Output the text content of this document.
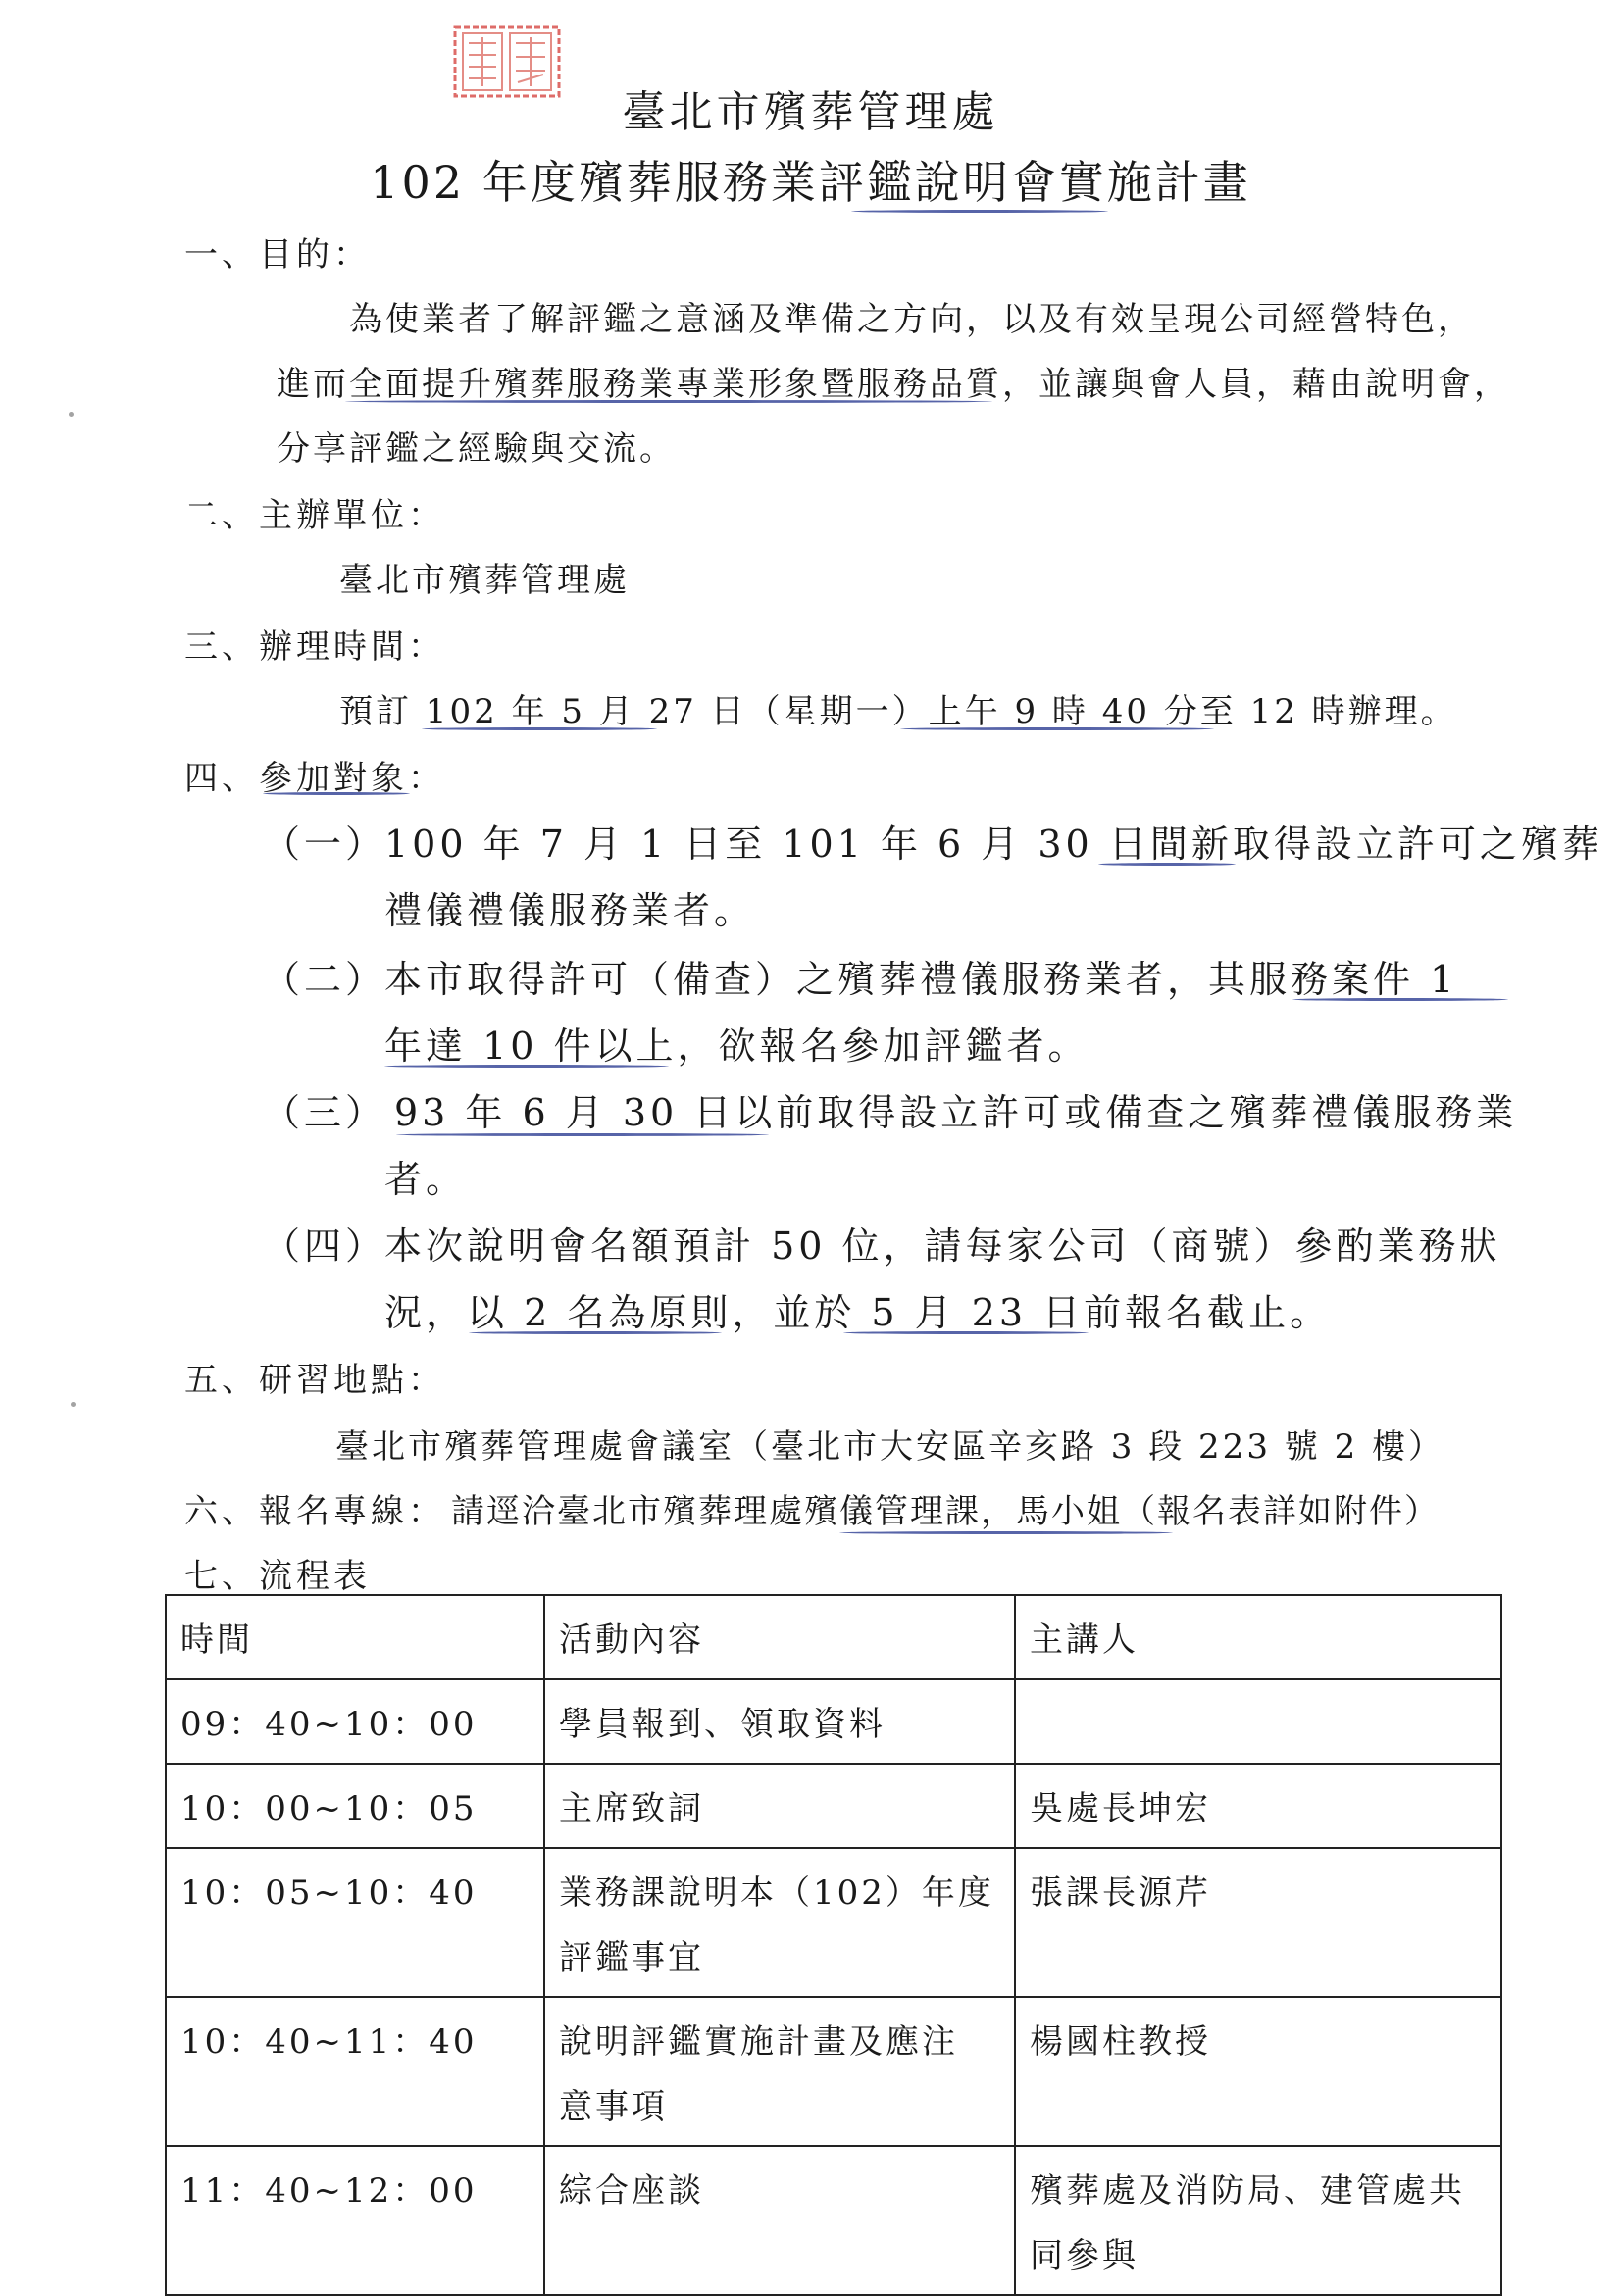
臺北市殯葬管理處
102 年度殯葬服務業評鑑說明會實施計畫
一、目的：
為使業者了解評鑑之意涵及準備之方向，以及有效呈現公司經營特色，
進而全面提升殯葬服務業專業形象暨服務品質，並讓與會人員，藉由說明會，
分享評鑑之經驗與交流。
二、主辦單位：
臺北市殯葬管理處
三、辦理時間：
預訂 102 年 5 月 27 日（星期一）上午 9 時 40 分至 12 時辦理。
四、參加對象：
（一）
100 年 7 月 1 日至 101 年 6 月 30 日間新取得設立許可之殯葬
禮儀禮儀服務業者。
（二）
本市取得許可（備查）之殯葬禮儀服務業者，其服務案件 1
年達 10 件以上，欲報名參加評鑑者。
（三） 93 年 6 月 30 日以前取得設立許可或備查之殯葬禮儀服務業
者。
（四）
本次說明會名額預計 50 位，請每家公司（商號）參酌業務狀
況，以 2 名為原則，並於 5 月 23 日前報名截止。
五、研習地點：
臺北市殯葬管理處會議室（臺北市大安區辛亥路 3 段 223 號 2 樓）
六、報名專線： 請逕洽臺北市殯葬理處殯儀管理課，馬小姐（報名表詳如附件）
七、流程表
時間	活動內容	主講人
09：40~10：00	學員報到、領取資料	

10：00~10：05	主席致詞	吳處長坤宏

10：05~10：40	業務課說明本（102）年度
評鑑事宜	張課長源芹

10：40~11：40	說明評鑑實施計畫及應注
意事項	楊國柱教授

11：40~12：00	綜合座談	殯葬處及消防局、建管處共
同參與
